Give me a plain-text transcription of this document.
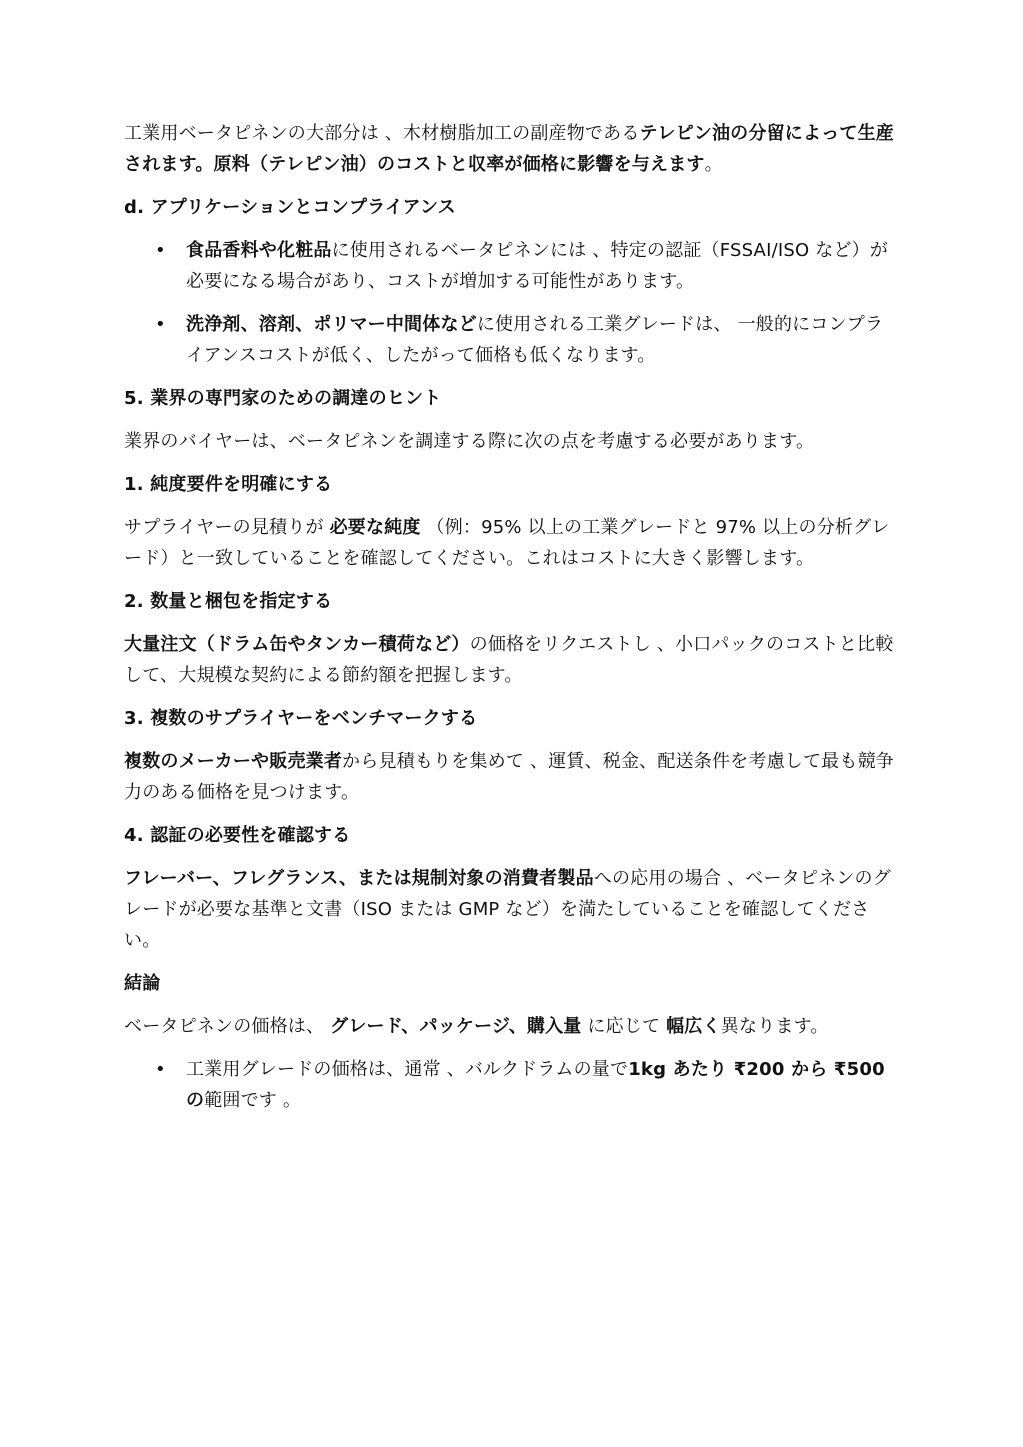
工業用ベータピネンの大部分は 、木材樹脂加工の副産物であるテレピン油の分留によって生産されます。原料（テレピン油）のコストと収率が価格に影響を与えます。

d. アプリケーションとコンプライアンス

• 食品香料や化粧品に使用されるベータピネンには 、特定の認証（FSSAI/ISO など）が必要になる場合があり、コストが増加する可能性があります。

• 洗浄剤、溶剤、ポリマー中間体などに使用される工業グレードは、 一般的にコンプライアンスコストが低く、したがって価格も低くなります。

5. 業界の専門家のための調達のヒント

業界のバイヤーは、ベータピネンを調達する際に次の点を考慮する必要があります。

1. 純度要件を明確にする

サプライヤーの見積りが 必要な純度 （例：95% 以上の工業グレードと 97% 以上の分析グレード）と一致していることを確認してください。これはコストに大きく影響します。

2. 数量と梱包を指定する

大量注文（ドラム缶やタンカー積荷など）の価格をリクエストし 、小口パックのコストと比較して、大規模な契約による節約額を把握します。

3. 複数のサプライヤーをベンチマークする

複数のメーカーや販売業者から見積もりを集めて 、運賃、税金、配送条件を考慮して最も競争力のある価格を見つけます。

4. 認証の必要性を確認する

フレーバー、フレグランス、または規制対象の消費者製品への応用の場合 、ベータピネンのグレードが必要な基準と文書（ISO または GMP など）を満たしていることを確認してください。

結論

ベータピネンの価格は、 グレード、パッケージ、購入量 に応じて 幅広く異なります。

• 工業用グレードの価格は、通常 、バルクドラムの量で1kg あたり ₹200 から ₹500 の範囲です 。
